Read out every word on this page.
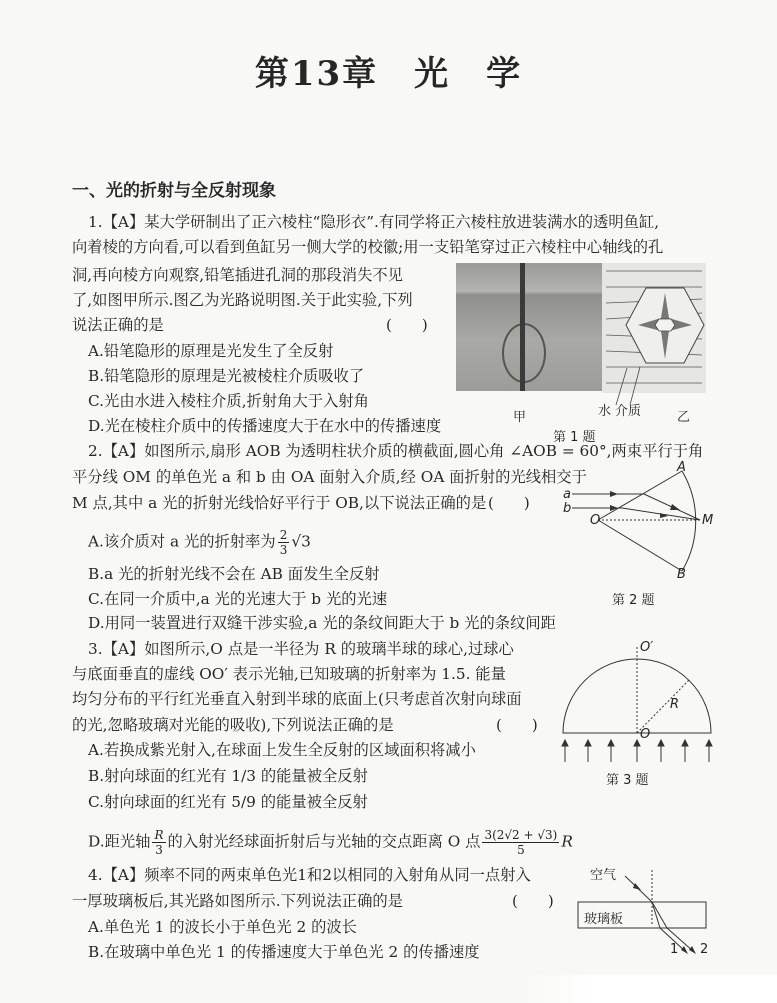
第13章　光　学
一、光的折射与全反射现象
1.【A】某大学研制出了正六棱柱“隐形衣”.有同学将正六棱柱放进装满水的透明鱼缸,
向着棱的方向看,可以看到鱼缸另一侧大学的校徽;用一支铅笔穿过正六棱柱中心轴线的孔
洞,再向棱方向观察,铅笔插进孔洞的那段消失不见
了,如图甲所示.图乙为光路说明图.关于此实验,下列
说法正确的是	(　　)
A.铅笔隐形的原理是光发生了全反射
B.铅笔隐形的原理是光被棱柱介质吸收了
C.光由水进入棱柱介质,折射角大于入射角
D.光在棱柱介质中的传播速度大于在水中的传播速度	甲	水 介质	乙
第 1 题
2.【A】如图所示,扇形 AOB 为透明柱状介质的横截面,圆心角 ∠AOB = 60°,两束平行于角
平分线 OM 的单色光 a 和 b 由 OA 面射入介质,经 OA 面折射的光线相交于
M 点,其中 a 光的折射光线恰好平行于 OB,以下说法正确的是 (　　)
A.该介质对 a 光的折射率为 $\frac{2}{3} √3$
B.a 光的折射光线不会在 AB 面发生全反射
C.在同一介质中,a 光的光速大于 b 光的光速
D.用同一装置进行双缝干涉实验,a 光的条纹间距大于 b 光的条纹间距
A
B
O	M
a
b
第 2 题
3.【A】如图所示,O 点是一半径为 R 的玻璃半球的球心,过球心
与底面垂直的虚线 OO′ 表示光轴,已知玻璃的折射率为 1.5. 能量
均匀分布的平行红光垂直入射到半球的底面上(只考虑首次射向球面
的光,忽略玻璃对光能的吸收),下列说法正确的是	(　　)
A.若换成紫光射入,在球面上发生全反射的区域面积将减小
B.射向球面的红光有 1/3 的能量被全反射
C.射向球面的红光有 5/9 的能量被全反射
D.距光轴 $\frac{R}{3}$ 的入射光经球面折射后与光轴的交点距离 O 点 $\frac{3(2√2 + √3)}{5}$ R
O′
O
R
第 3 题
4.【A】频率不同的两束单色光1和2以相同的入射角从同一点射入
一厚玻璃板后,其光路如图所示.下列说法正确的是	(　　)
A.单色光 1 的波长小于单色光 2 的波长
B.在玻璃中单色光 1 的传播速度大于单色光 2 的传播速度
空气
玻璃板
1 2
